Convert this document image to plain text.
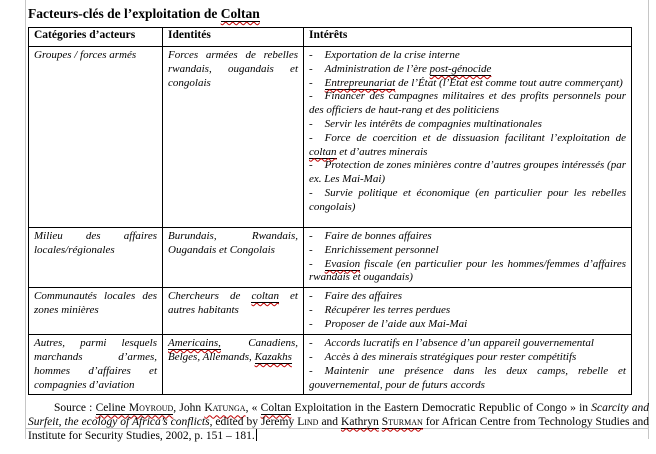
Facteurs-clés de l’exploitation de Coltan
Catégories d’acteurs	Identités	Intérêts
Groupes / forces armés	Forces armées de rebelles rwandais, ougandais et congolais	
- Exportation de la crise interne
- Administration de l’ère post-génocide
- Entrepreunariat de l’État (l’État est comme tout autre commerçant)
- Financer des campagnes militaires et des profits personnels pour des officiers de haut-rang et des politiciens
- Servir les intérêts de compagnies multinationales
- Force de coercition et de dissuasion facilitant l’exploitation de coltan et d’autres minerais
- Protection de zones minières contre d’autres groupes intéressés (par ex. Les Mai-Mai)
- Survie politique et économique (en particulier pour les rebelles congolais)

Milieu des affaires locales/régionales	Burundais, Rwandais, Ougandais et Congolais	- Faire de bonnes affaires
- Enrichissement personnel
- Evasion fiscale (en particulier pour les hommes/femmes d’affaires rwandais et ougandais)

Communautés locales des zones minières	Chercheurs de coltan et autres habitants	- Faire des affaires
- Récupérer les terres perdues
- Proposer de l’aide aux Mai-Mai

Autres, parmi lesquels marchands d’armes, hommes d’affaires et compagnies d’aviation	Americains, Canadiens, Belges, Allemands, Kazakhs	- Accords lucratifs en l’absence d’un appareil gouvernemental
- Accès à des minerais stratégiques pour rester compétitifs
- Maintenir une présence dans les deux camps, rebelle et gouvernemental, pour de futurs accords

Source : Celine Moyroud, John Katunga, « Coltan Exploitation in the Eastern Democratic Republic of Congo » in Scarcity and Surfeit, the ecology of Africa’s conflicts, edited by Jeremy Lind and Kathryn Sturman for African Centre from Technology Studies and Institute for Security Studies, 2002, p. 151 – 181.
